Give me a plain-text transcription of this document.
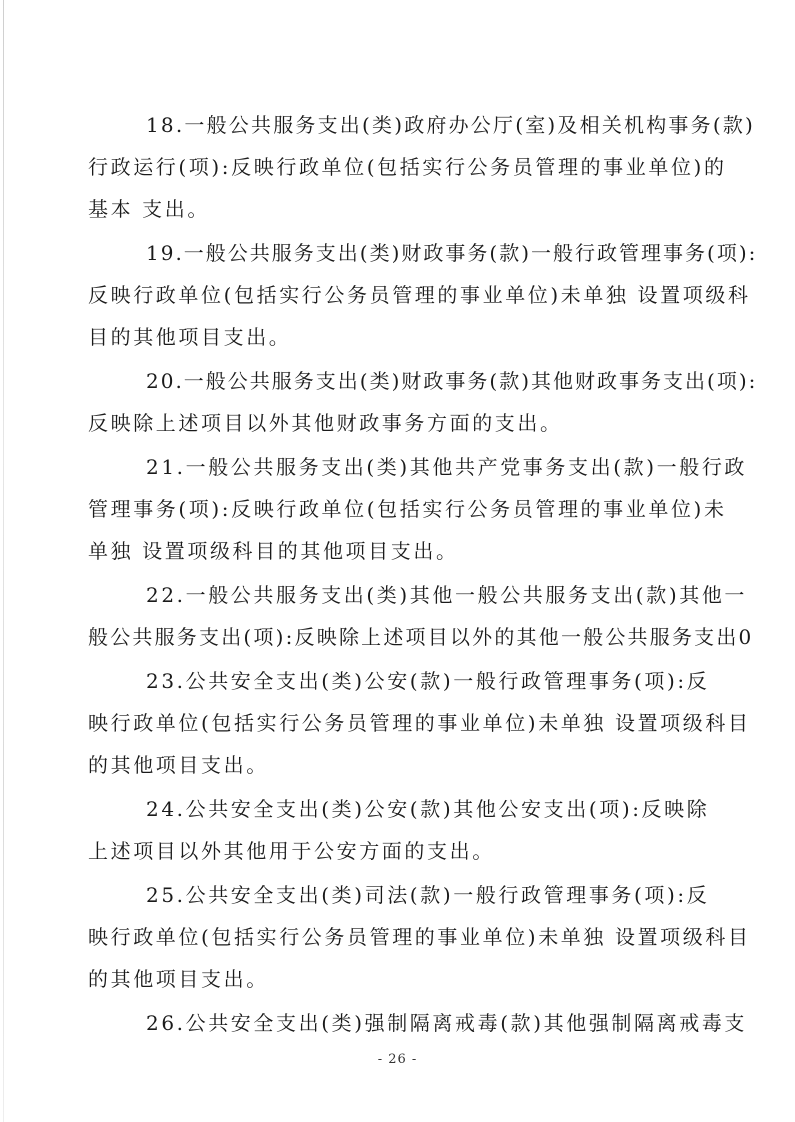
18.一般公共服务支出(类)政府办公厅(室)及相关机构事务(款)
行政运行(项):反映行政单位(包括实行公务员管理的事业单位)的
基本 支出。
19.一般公共服务支出(类)财政事务(款)一般行政管理事务(项):
反映行政单位(包括实行公务员管理的事业单位)未单独 设置项级科
目的其他项目支出。
20.一般公共服务支出(类)财政事务(款)其他财政事务支出(项):
反映除上述项目以外其他财政事务方面的支出。
21.一般公共服务支出(类)其他共产党事务支出(款)一般行政
管理事务(项):反映行政单位(包括实行公务员管理的事业单位)未
单独 设置项级科目的其他项目支出。
22.一般公共服务支出(类)其他一般公共服务支出(款)其他一
般公共服务支出(项):反映除上述项目以外的其他一般公共服务支出0
23.公共安全支出(类)公安(款)一般行政管理事务(项):反
映行政单位(包括实行公务员管理的事业单位)未单独 设置项级科目
的其他项目支出。
24.公共安全支出(类)公安(款)其他公安支出(项):反映除
上述项目以外其他用于公安方面的支出。
25.公共安全支出(类)司法(款)一般行政管理事务(项):反
映行政单位(包括实行公务员管理的事业单位)未单独 设置项级科目
的其他项目支出。
26.公共安全支出(类)强制隔离戒毒(款)其他强制隔离戒毒支
- 26 -
